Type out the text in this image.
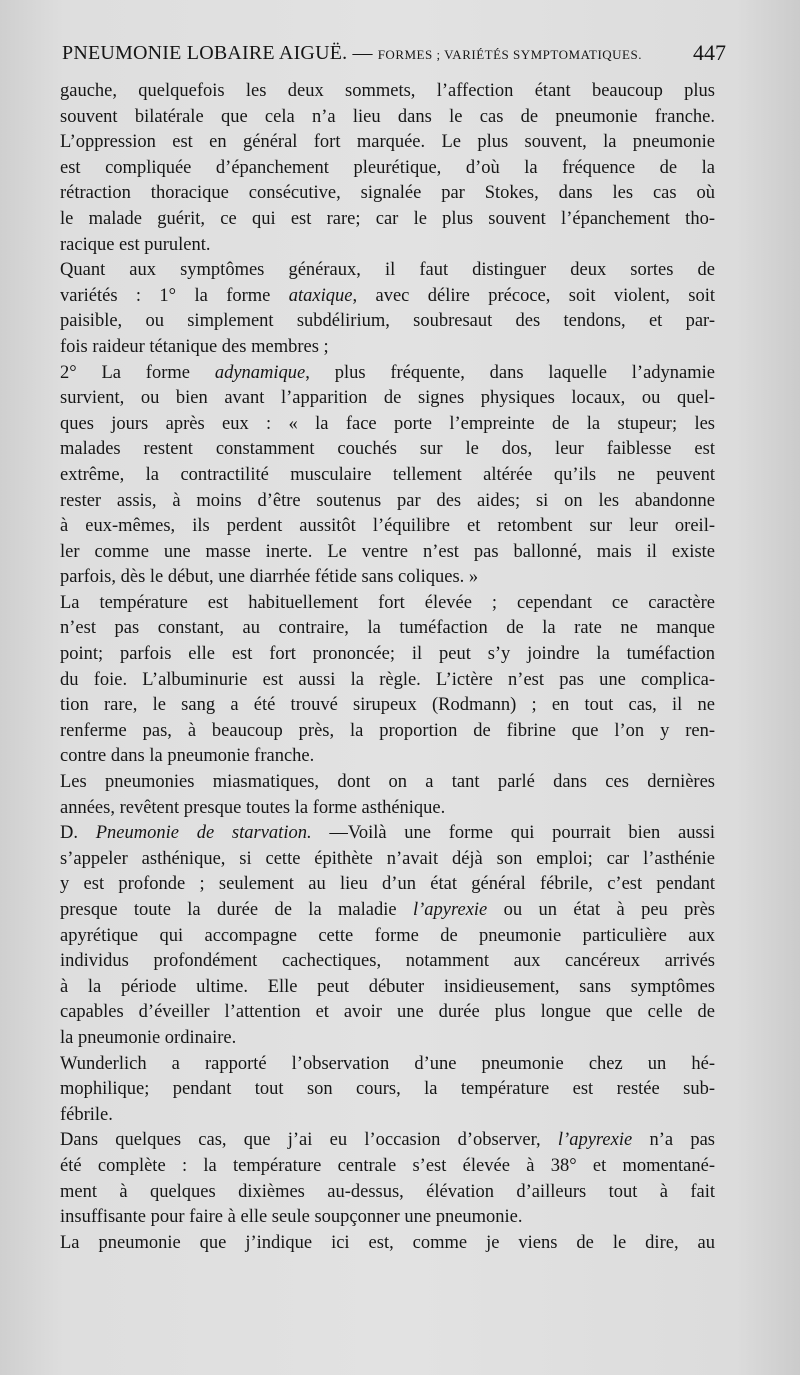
PNEUMONIE LOBAIRE AIGUË. — FORMES ; VARIÉTÉS SYMPTOMATIQUES. 447
gauche, quelquefois les deux sommets, l’affection étant beaucoup plus
souvent bilatérale que cela n’a lieu dans le cas de pneumonie franche.
L’oppression est en général fort marquée. Le plus souvent, la pneumonie
est compliquée d’épanchement pleurétique, d’où la fréquence de la
rétraction thoracique consécutive, signalée par Stokes, dans les cas où
le malade guérit, ce qui est rare; car le plus souvent l’épanchement tho-
racique est purulent.
Quant aux symptômes généraux, il faut distinguer deux sortes de
variétés : 1° la forme ataxique, avec délire précoce, soit violent, soit
paisible, ou simplement subdélirium, soubresaut des tendons, et par-
fois raideur tétanique des membres ;
2° La forme adynamique, plus fréquente, dans laquelle l’adynamie
survient, ou bien avant l’apparition de signes physiques locaux, ou quel-
ques jours après eux : « la face porte l’empreinte de la stupeur; les
malades restent constamment couchés sur le dos, leur faiblesse est
extrême, la contractilité musculaire tellement altérée qu’ils ne peuvent
rester assis, à moins d’être soutenus par des aides; si on les abandonne
à eux-mêmes, ils perdent aussitôt l’équilibre et retombent sur leur oreil-
ler comme une masse inerte. Le ventre n’est pas ballonné, mais il existe
parfois, dès le début, une diarrhée fétide sans coliques. »
La température est habituellement fort élevée ; cependant ce caractère
n’est pas constant, au contraire, la tuméfaction de la rate ne manque
point; parfois elle est fort prononcée; il peut s’y joindre la tuméfaction
du foie. L’albuminurie est aussi la règle. L’ictère n’est pas une complica-
tion rare, le sang a été trouvé sirupeux (Rodmann) ; en tout cas, il ne
renferme pas, à beaucoup près, la proportion de fibrine que l’on y ren-
contre dans la pneumonie franche.
Les pneumonies miasmatiques, dont on a tant parlé dans ces dernières
années, revêtent presque toutes la forme asthénique.
D. Pneumonie de starvation. —Voilà une forme qui pourrait bien aussi
s’appeler asthénique, si cette épithète n’avait déjà son emploi; car l’asthénie
y est profonde ; seulement au lieu d’un état général fébrile, c’est pendant
presque toute la durée de la maladie l’apyrexie ou un état à peu près
apyrétique qui accompagne cette forme de pneumonie particulière aux
individus profondément cachectiques, notamment aux cancéreux arrivés
à la période ultime. Elle peut débuter insidieusement, sans symptômes
capables d’éveiller l’attention et avoir une durée plus longue que celle de
la pneumonie ordinaire.
Wunderlich a rapporté l’observation d’une pneumonie chez un hé-
mophilique; pendant tout son cours, la température est restée sub-
fébrile.
Dans quelques cas, que j’ai eu l’occasion d’observer, l’apyrexie n’a pas
été complète : la température centrale s’est élevée à 38° et momentané-
ment à quelques dixièmes au-dessus, élévation d’ailleurs tout à fait
insuffisante pour faire à elle seule soupçonner une pneumonie.
La pneumonie que j’indique ici est, comme je viens de le dire, au
